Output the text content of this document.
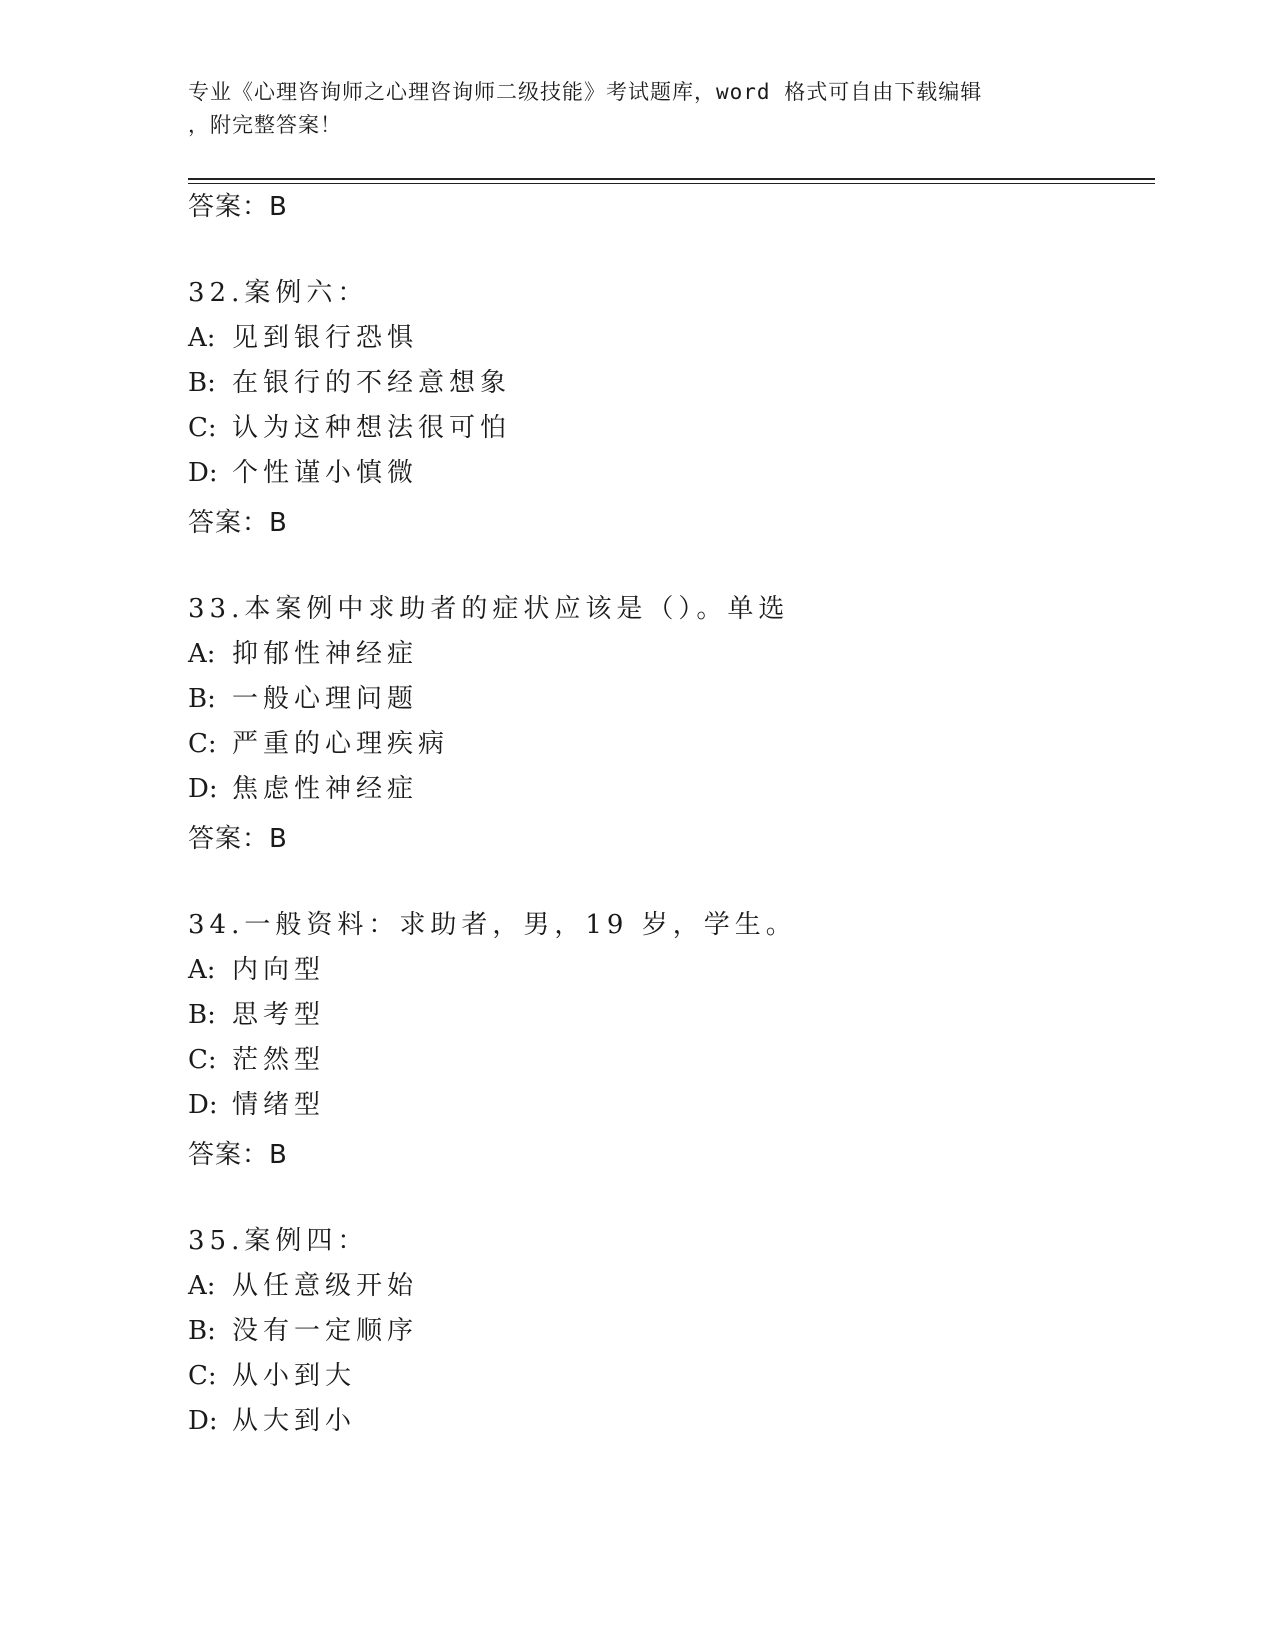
专业《心理咨询师之心理咨询师二级技能》考试题库，word 格式可自由下载编辑
，附完整答案！
答案：B
32.案例六：
A: 见到银行恐惧
B: 在银行的不经意想象
C: 认为这种想法很可怕
D: 个性谨小慎微
答案：B
33.本案例中求助者的症状应该是（）。单选
A: 抑郁性神经症
B: 一般心理问题
C: 严重的心理疾病
D: 焦虑性神经症
答案：B
34.一般资料：求助者，男，19 岁，学生。
A: 内向型
B: 思考型
C: 茫然型
D: 情绪型
答案：B
35.案例四：
A: 从任意级开始
B: 没有一定顺序
C: 从小到大
D: 从大到小
